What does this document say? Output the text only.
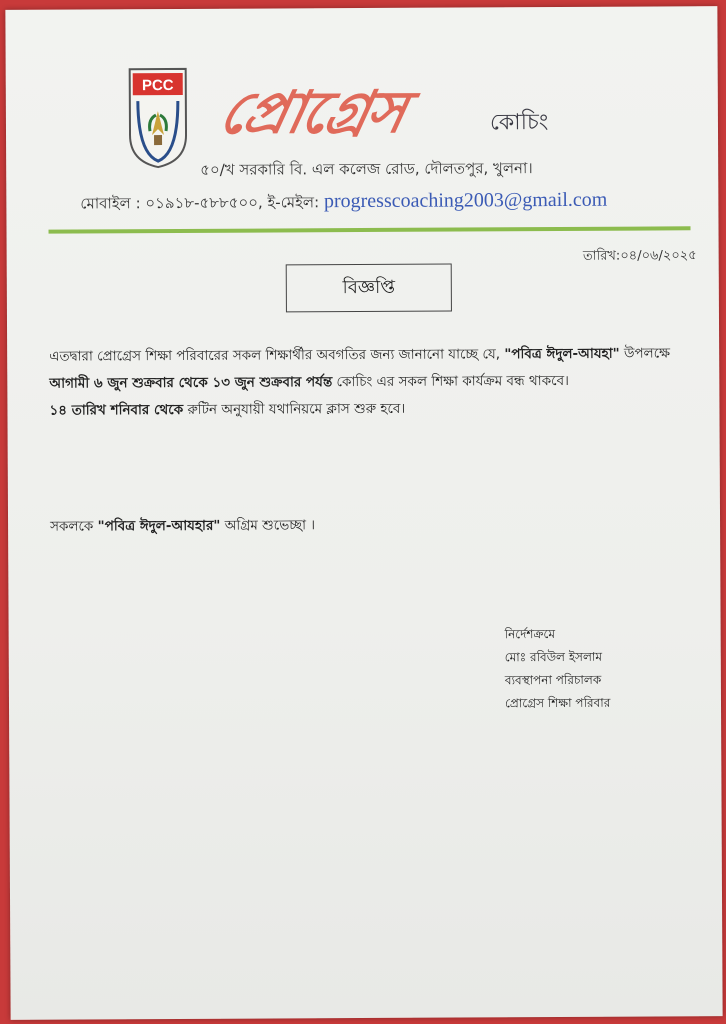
PCC প্রোগ্রেস	কোচিং
৫০/খ সরকারি বি. এল কলেজ রোড, দৌলতপুর, খুলনা।
মোবাইল : ০১৯১৮-৫৮৮৫০০, ই-মেইল: progresscoaching2003@gmail.com
তারিখ:০৪/০৬/২০২৫
বিজ্ঞপ্তি
এতদ্বারা প্রোগ্রেস শিক্ষা পরিবারের সকল শিক্ষার্থীর অবগতির জন্য জানানো যাচ্ছে যে, "পবিত্র ঈদুল-আযহা" উপলক্ষে আগামী ৬ জুন শুক্রবার থেকে ১৩ জুন শুক্রবার পর্যন্ত কোচিং এর সকল শিক্ষা কার্যক্রম বন্ধ থাকবে।
১৪ তারিখ শনিবার থেকে রুটিন অনুযায়ী যথানিয়মে ক্লাস শুরু হবে।
সকলকে "পবিত্র ঈদুল-আযহার" অগ্রিম শুভেচ্ছা ।
নির্দেশক্রমে
মোঃ রবিউল ইসলাম
ব্যবস্থাপনা পরিচালক
প্রোগ্রেস শিক্ষা পরিবার
